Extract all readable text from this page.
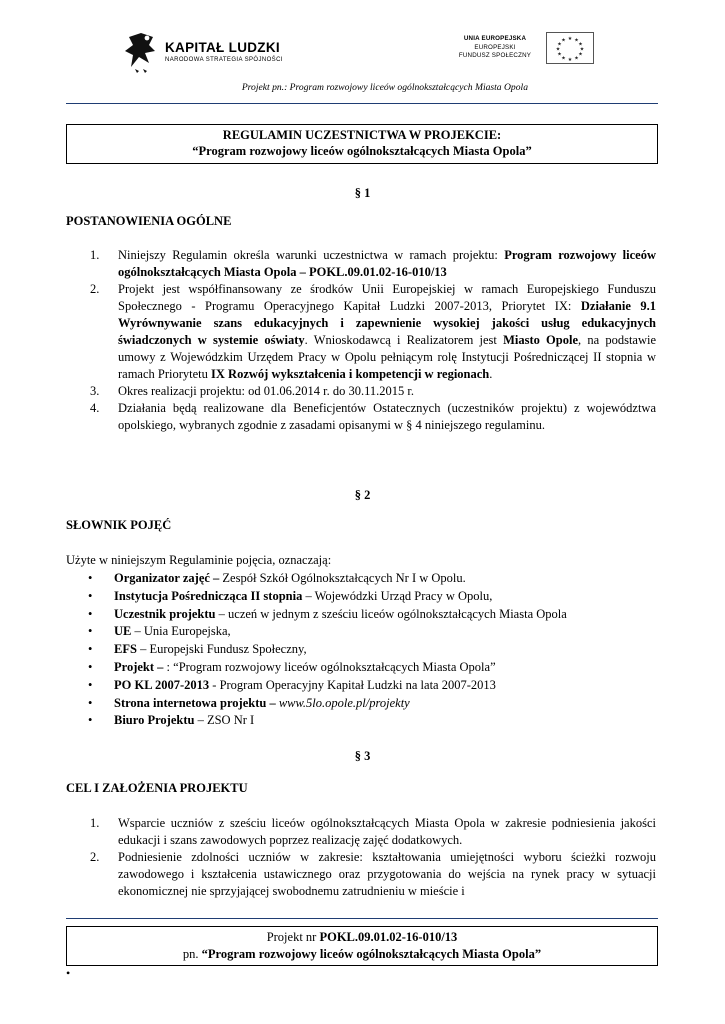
KAPITAŁ LUDZKI
NARODOWA STRATEGIA SPÓJNOŚCI
UNIA EUROPEJSKA
EUROPEJSKI
FUNDUSZ SPOŁECZNY
★ ★
★
★
★
★
★
★
★
★
★
★
Projekt pn.: Program rozwojowy liceów ogólnokształcących Miasta Opola
REGULAMIN UCZESTNICTWA W PROJEKCIE:
“Program rozwojowy liceów ogólnokształcących Miasta Opola”
§ 1
POSTANOWIENIA OGÓLNE
1.	Niniejszy Regulamin określa warunki uczestnictwa w ramach projektu: Program rozwojowy liceów ogólnokształcących Miasta Opola – POKL.09.01.02-16-010/13
2.	Projekt jest współfinansowany ze środków Unii Europejskiej w ramach Europejskiego Funduszu Społecznego - Programu Operacyjnego Kapitał Ludzki 2007-2013, Priorytet IX: Działanie 9.1 Wyrównywanie szans edukacyjnych i zapewnienie wysokiej jakości usług edukacyjnych świadczonych w systemie oświaty. Wnioskodawcą i Realizatorem jest Miasto Opole, na podstawie umowy z Wojewódzkim Urzędem Pracy w Opolu pełniącym rolę Instytucji Pośredniczącej II stopnia w ramach Priorytetu IX Rozwój wykształcenia i kompetencji w regionach.
3.	Okres realizacji projektu: od 01.06.2014 r. do 30.11.2015 r.
4.	Działania będą realizowane dla Beneficjentów Ostatecznych (uczestników projektu) z województwa opolskiego, wybranych zgodnie z zasadami opisanymi w § 4 niniejszego regulaminu.
§ 2
SŁOWNIK POJĘĆ
Użyte w niniejszym Regulaminie pojęcia, oznaczają:
•	Organizator zajęć – Zespół Szkół Ogólnokształcących Nr I w Opolu.
•	Instytucja Pośrednicząca II stopnia – Wojewódzki Urząd Pracy w Opolu,
•	Uczestnik projektu – uczeń w jednym z sześciu liceów ogólnokształcących Miasta Opola
•	UE – Unia Europejska,
•	EFS – Europejski Fundusz Społeczny,
•	Projekt – : “Program rozwojowy liceów ogólnokształcących Miasta Opola”
•	PO KL 2007-2013 - Program Operacyjny Kapitał Ludzki na lata 2007-2013
•	Strona internetowa projektu – www.5lo.opole.pl/projekty
•	Biuro Projektu – ZSO Nr I
§ 3
CEL I ZAŁOŻENIA PROJEKTU
1.	Wsparcie uczniów z sześciu liceów ogólnokształcących Miasta Opola w zakresie podniesienia jakości edukacji i szans zawodowych poprzez realizację zajęć dodatkowych.
2.	Podniesienie zdolności uczniów w zakresie: kształtowania umiejętności wyboru ścieżki rozwoju zawodowego i kształcenia ustawicznego oraz przygotowania do wejścia na rynek pracy w sytuacji ekonomicznej nie sprzyjającej swobodnemu zatrudnieniu w mieście i
Projekt nr POKL.09.01.02-16-010/13
pn. “Program rozwojowy liceów ogólnokształcących Miasta Opola”
•
